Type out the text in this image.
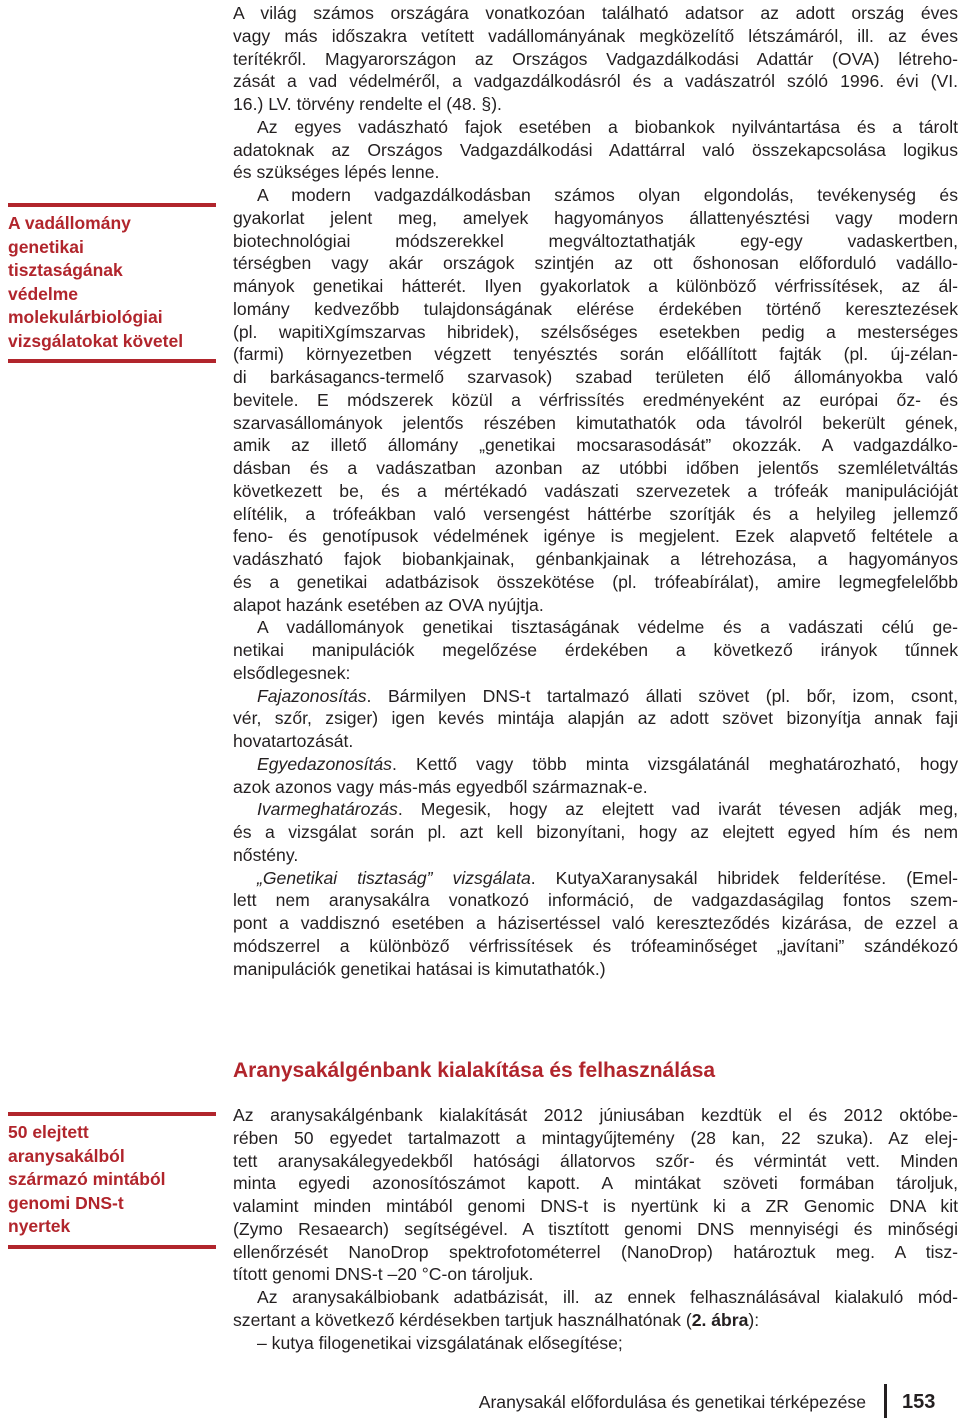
A vadállomány
genetikai
tisztaságának
védelme
molekulárbiológiai
vizsgálatokat követel
50 elejtett
aranysakálból
származó mintából
genomi DNS-t
nyertek
A világ számos országára vonatkozóan található adatsor az adott ország éves
vagy más időszakra vetített vadállományának megközelítő létszámáról, ill. az éves
terítékről. Magyarországon az Országos Vadgazdálkodási Adattár (OVA) létreho-
zását a vad védelméről, a vadgazdálkodásról és a vadászatról szóló 1996. évi (VI.
16.) LV. törvény rendelte el (48. §).
Az egyes vadászható fajok esetében a biobankok nyilvántartása és a tárolt
adatoknak az Országos Vadgazdálkodási Adattárral való összekapcsolása logikus
és szükséges lépés lenne.
A modern vadgazdálkodásban számos olyan elgondolás, tevékenység és
gyakorlat jelent meg, amelyek hagyományos állattenyésztési vagy modern
biotechnológiai módszerekkel megváltoztathatják egy-egy vadaskertben,
térségben vagy akár országok szintjén az ott őshonosan előforduló vadállo-
mányok genetikai hátterét. Ilyen gyakorlatok a különböző vérfrissítések, az ál-
lomány kedvezőbb tulajdonságának elérése érdekében történő keresztezések
(pl. wapitiXgímszarvas hibridek), szélsőséges esetekben pedig a mesterséges
(farmi) környezetben végzett tenyésztés során előállított fajták (pl. új-zélan-
di barkásagancs-termelő szarvasok) szabad területen élő állományokba való
bevitele. E módszerek közül a vérfrissítés eredményeként az európai őz- és
szarvasállományok jelentős részében kimutathatók oda távolról bekerült gének,
amik az illető állomány „genetikai mocsarasodását” okozzák. A vadgazdálko-
dásban és a vadászatban azonban az utóbbi időben jelentős szemléletváltás
következett be, és a mértékadó vadászati szervezetek a trófeák manipulációját
elítélik, a trófeákban való versengést háttérbe szorítják és a helyileg jellemző
feno- és genotípusok védelmének igénye is megjelent. Ezek alapvető feltétele a
vadászható fajok biobankjainak, génbankjainak a létrehozása, a hagyományos
és a genetikai adatbázisok összekötése (pl. trófeabírálat), amire legmegfelelőbb
alapot hazánk esetében az OVA nyújtja.
A vadállományok genetikai tisztaságának védelme és a vadászati célú ge-
netikai manipulációk megelőzése érdekében a következő irányok tűnnek
elsődlegesnek:
Fajazonosítás. Bármilyen DNS-t tartalmazó állati szövet (pl. bőr, izom, csont,
vér, szőr, zsiger) igen kevés mintája alapján az adott szövet bizonyítja annak faji
hovatartozását.
Egyedazonosítás. Kettő vagy több minta vizsgálatánál meghatározható, hogy
azok azonos vagy más-más egyedből származnak-e.
Ivarmeghatározás. Megesik, hogy az elejtett vad ivarát tévesen adják meg,
és a vizsgálat során pl. azt kell bizonyítani, hogy az elejtett egyed hím és nem
nőstény.
„Genetikai tisztaság” vizsgálata. KutyaXaranysakál hibridek felderítése. (Emel-
lett nem aranysakálra vonatkozó információ, de vadgazdaságilag fontos szem-
pont a vaddisznó esetében a házisertéssel való kereszteződés kizárása, de ezzel a
módszerrel a különböző vérfrissítések és trófeaminőséget „javítani” szándékozó
manipulációk genetikai hatásai is kimutathatók.)
Aranysakálgénbank kialakítása és felhasználása
Az aranysakálgénbank kialakítását 2012 júniusában kezdtük el és 2012 októbe-
rében 50 egyedet tartalmazott a mintagyűjtemény (28 kan, 22 szuka). Az elej-
tett aranysakálegyedekből hatósági állatorvos szőr- és vérmintát vett. Minden
minta egyedi azonosítószámot kapott. A mintákat szöveti formában tároljuk,
valamint minden mintából genomi DNS-t is nyertünk ki a ZR Genomic DNA kit
(Zymo Resaearch) segítségével. A tisztított genomi DNS mennyiségi és minőségi
ellenőrzését NanoDrop spektrofotométerrel (NanoDrop) határoztuk meg. A tisz-
tított genomi DNS-t –20 °C-on tároljuk.
Az aranysakálbiobank adatbázisát, ill. az ennek felhasználásával kialakuló mód-
szertant a következő kérdésekben tartjuk használhatónak (2. ábra):
– kutya filogenetikai vizsgálatának elősegítése;
Aranysakál előfordulása és genetikai térképezése 153
